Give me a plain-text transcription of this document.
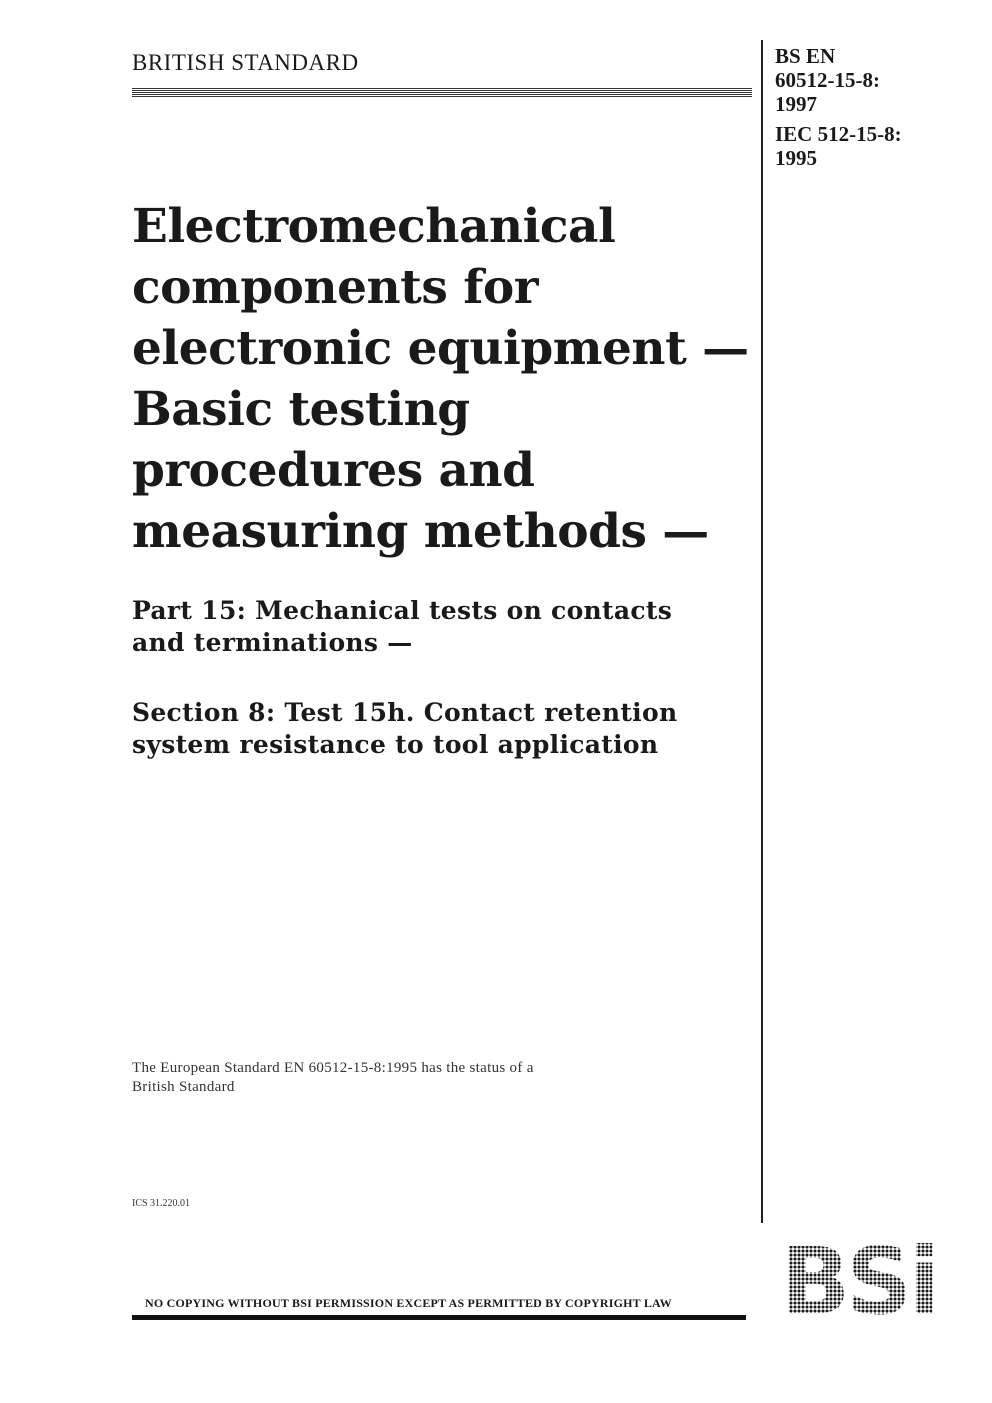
BRITISH STANDARD	BS EN
60512-15-8:
1997
IEC 512-15-8:
1995
Electromechanical
components for
electronic equipment —
Basic testing
procedures and
measuring methods —
Part 15: Mechanical tests on contacts
and terminations —
Section 8: Test 15h. Contact retention
system resistance to tool application
The European Standard EN 60512-15-8:1995 has the status of a
British Standard
ICS 31.220.01
NO COPYING WITHOUT BSI PERMISSION EXCEPT AS PERMITTED BY COPYRIGHT LAW BSi
